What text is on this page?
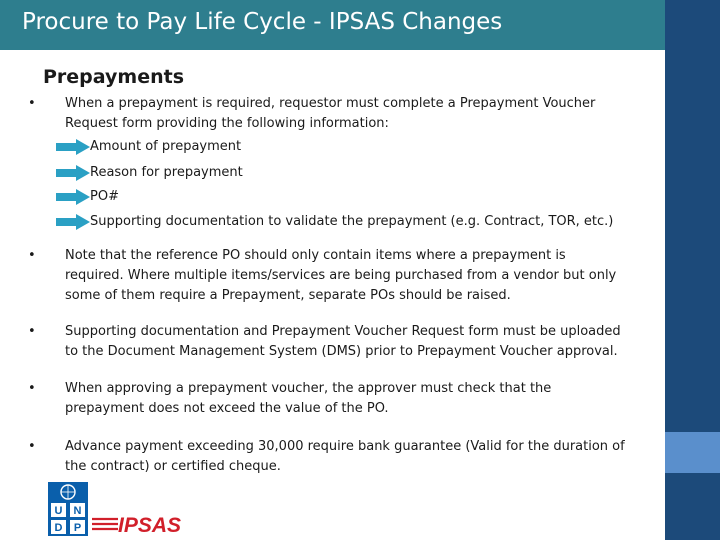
Procure to Pay Life Cycle - IPSAS Changes
Prepayments
•	When a prepayment is required, requestor must complete a Prepayment Voucher Request form providing the following information:
Amount of prepayment
Reason for prepayment
PO#
Supporting documentation to validate the prepayment (e.g. Contract, TOR, etc.)
•	Note that the reference PO should only contain items where a prepayment is required. Where multiple items/services are being purchased from a vendor but only some of them require a Prepayment, separate POs should be raised.
•	Supporting documentation and Prepayment Voucher Request form must be uploaded to the Document Management System (DMS) prior to Prepayment Voucher approval.
•	When approving a prepayment voucher, the approver must check that the prepayment does not exceed the value of the PO.
•	Advance payment exceeding 30,000 require bank guarantee (Valid for the duration of the contract) or certified cheque.
U N
D P IPSAS
